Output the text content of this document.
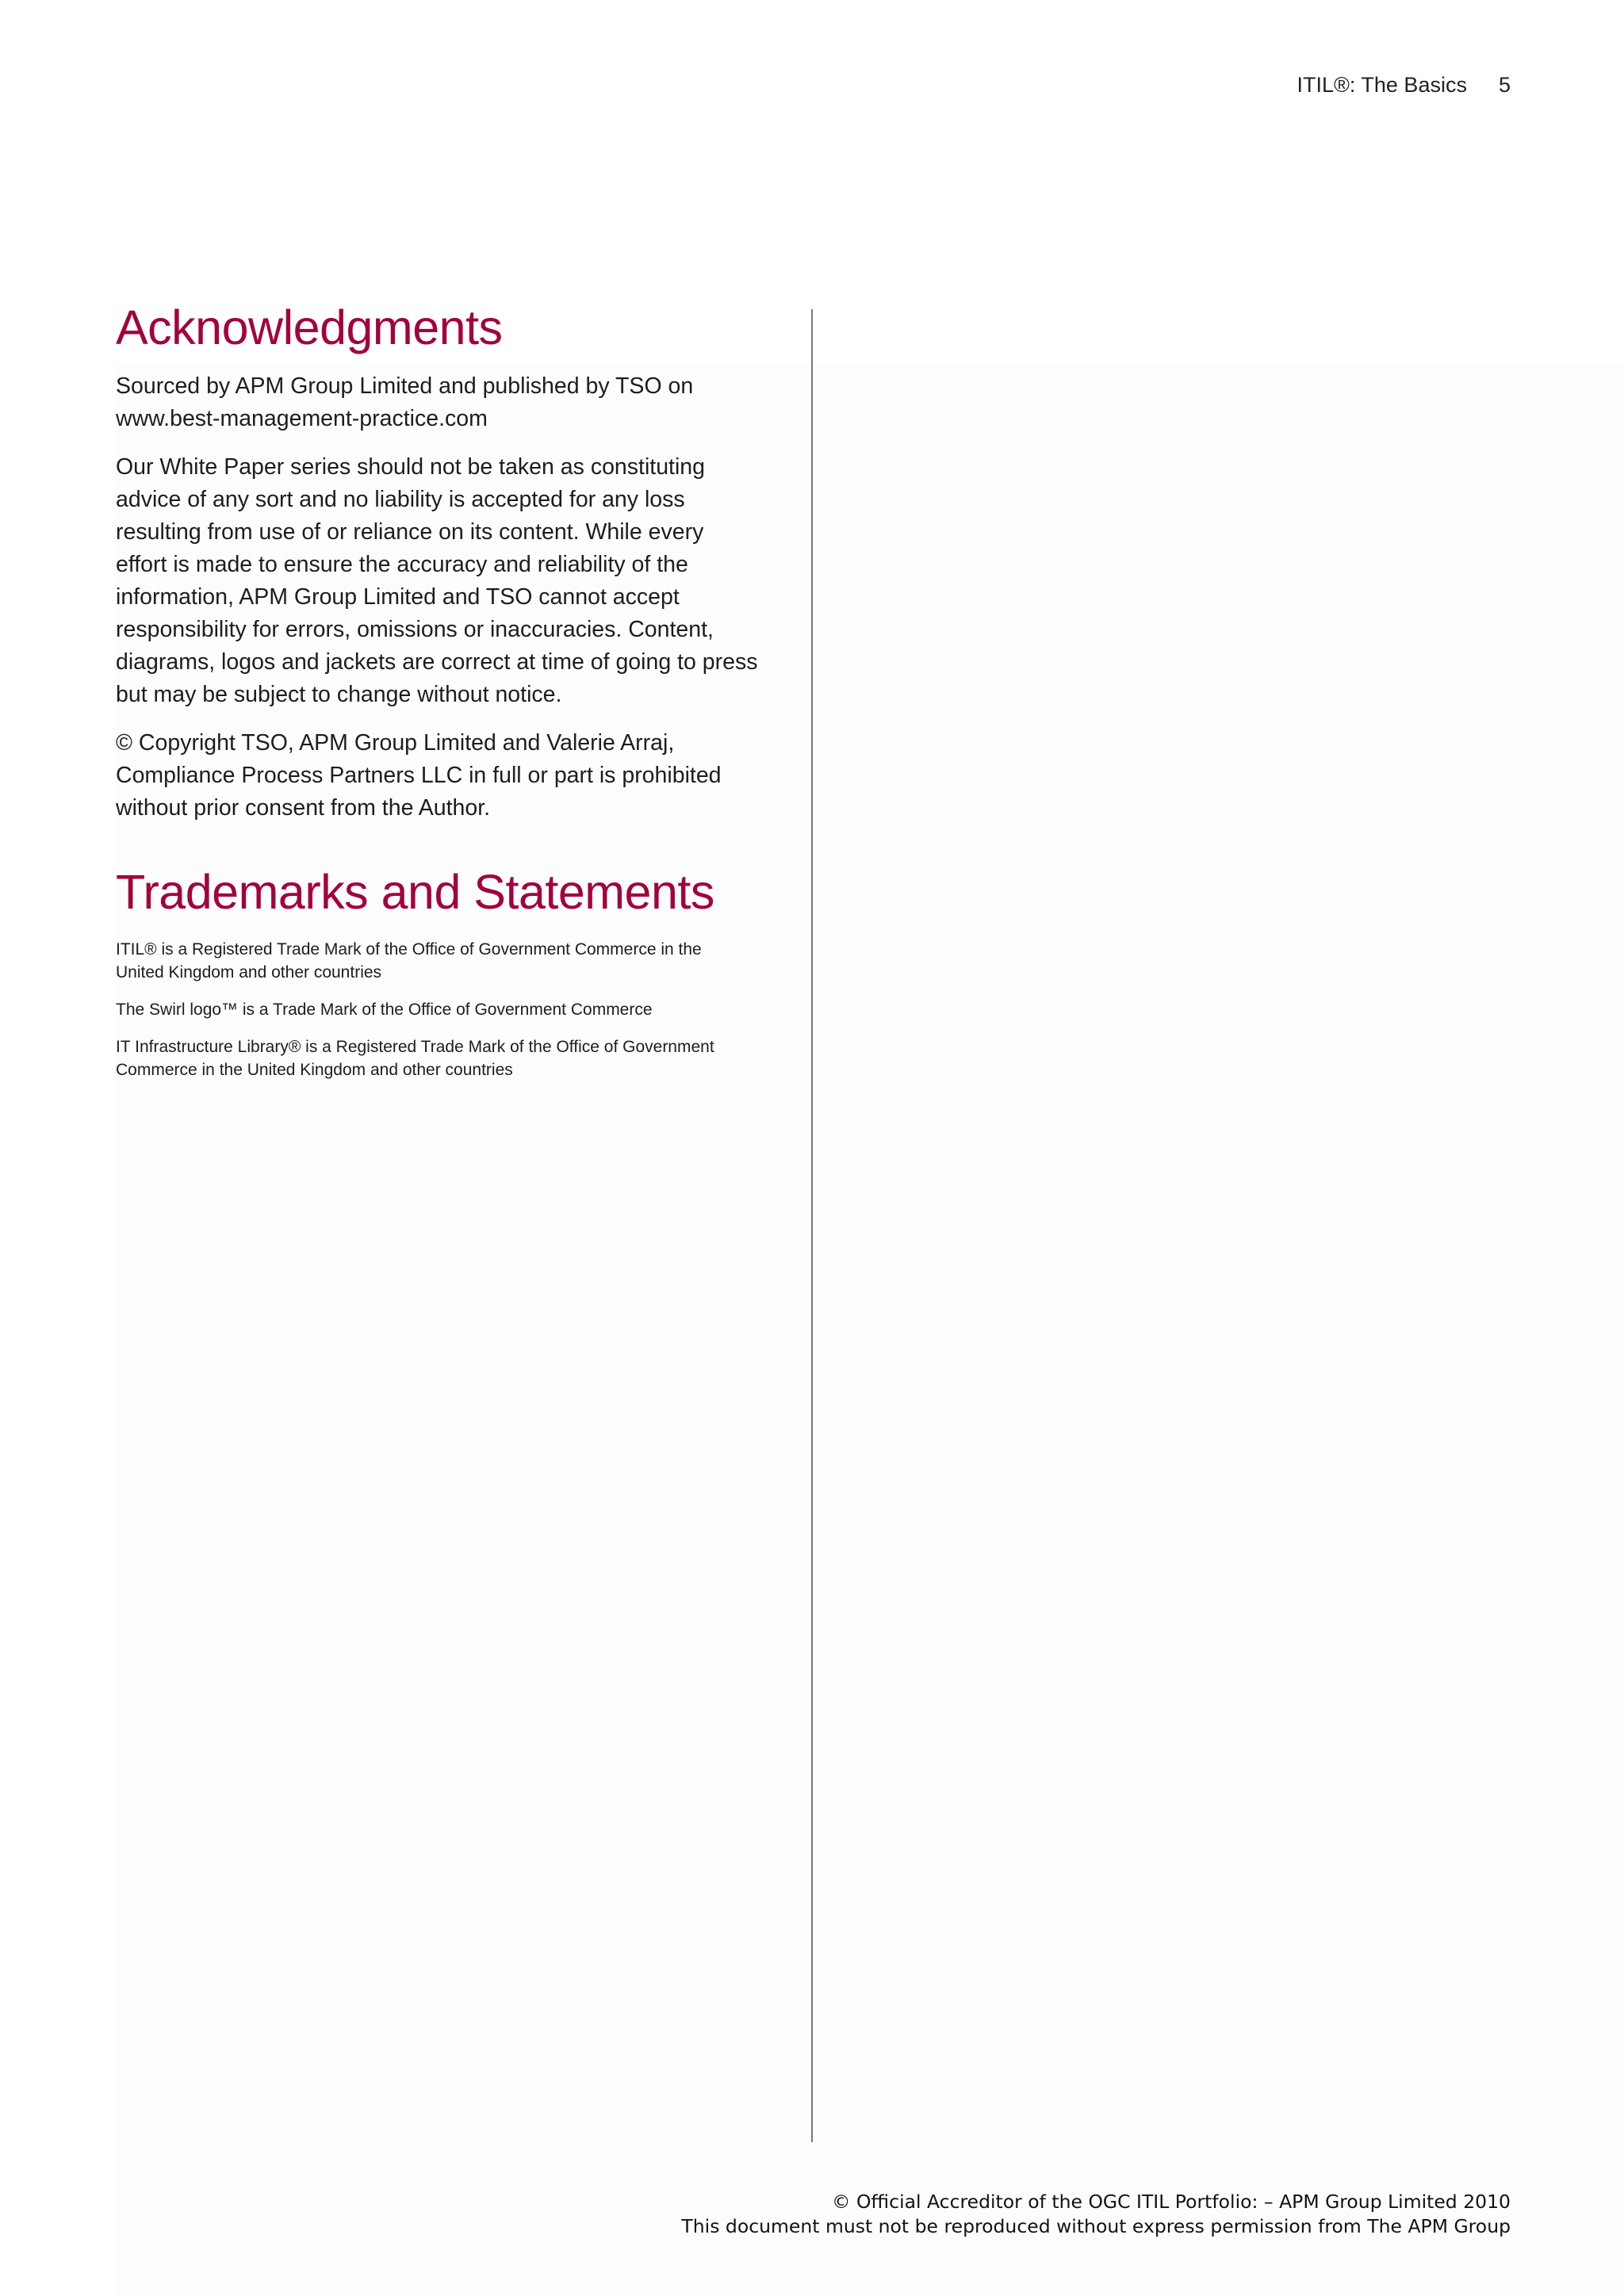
ITIL®: The Basics 5
Acknowledgments

Sourced by APM Group Limited and published by TSO on
www.best-management-practice.com

Our White Paper series should not be taken as constituting
advice of any sort and no liability is accepted for any loss
resulting from use of or reliance on its content. While every
effort is made to ensure the accuracy and reliability of the
information, APM Group Limited and TSO cannot accept
responsibility for errors, omissions or inaccuracies. Content,
diagrams, logos and jackets are correct at time of going to press
but may be subject to change without notice.

© Copyright TSO, APM Group Limited and Valerie Arraj,
Compliance Process Partners LLC in full or part is prohibited
without prior consent from the Author.

Trademarks and Statements

ITIL® is a Registered Trade Mark of the Office of Government Commerce in the
United Kingdom and other countries

The Swirl logo™ is a Trade Mark of the Office of Government Commerce

IT Infrastructure Library® is a Registered Trade Mark of the Office of Government
Commerce in the United Kingdom and other countries

© Official Accreditor of the OGC ITIL Portfolio: – APM Group Limited 2010
This document must not be reproduced without express permission from The APM Group
